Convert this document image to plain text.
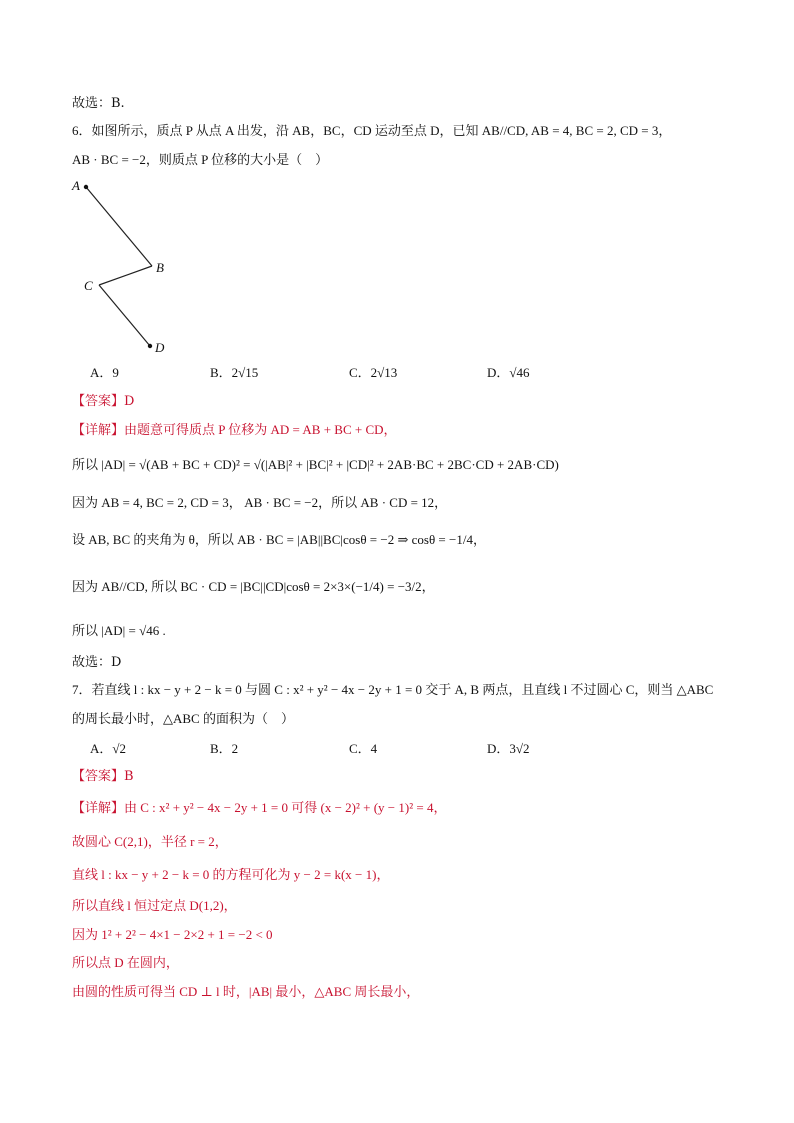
故选：B.
6．如图所示，质点 P 从点 A 出发，沿 AB，BC，CD 运动至点 D，已知 AB//CD, AB = 4, BC = 2, CD = 3，
AB · BC = −2，则质点 P 位移的大小是（　）
A
B
C
D
A．9	B．2√15	C．2√13	D．√46
【答案】D
【详解】由题意可得质点 P 位移为 AD = AB + BC + CD，
所以 |AD| = √(AB + BC + CD)² = √(|AB|² + |BC|² + |CD|² + 2AB·BC + 2BC·CD + 2AB·CD)
因为 AB = 4, BC = 2, CD = 3， AB · BC = −2，所以 AB · CD = 12，
设 AB, BC 的夹角为 θ，所以 AB · BC = |AB||BC|cosθ = −2 ⇒ cosθ = −1/4，
因为 AB//CD, 所以 BC · CD = |BC||CD|cosθ = 2×3×(−1/4) = −3/2，
所以 |AD| = √46 .
故选：D
7．若直线 l : kx − y + 2 − k = 0 与圆 C : x² + y² − 4x − 2y + 1 = 0 交于 A, B 两点，且直线 l 不过圆心 C，则当 △ABC
的周长最小时，△ABC 的面积为（　）
A．√2	B．2	C．4	D．3√2
【答案】B
【详解】由 C : x² + y² − 4x − 2y + 1 = 0 可得 (x − 2)² + (y − 1)² = 4，
故圆心 C(2,1)，半径 r = 2，
直线 l : kx − y + 2 − k = 0 的方程可化为 y − 2 = k(x − 1)，
所以直线 l 恒过定点 D(1,2)，
因为 1² + 2² − 4×1 − 2×2 + 1 = −2 < 0
所以点 D 在圆内，
由圆的性质可得当 CD ⊥ l 时，|AB| 最小，△ABC 周长最小，
